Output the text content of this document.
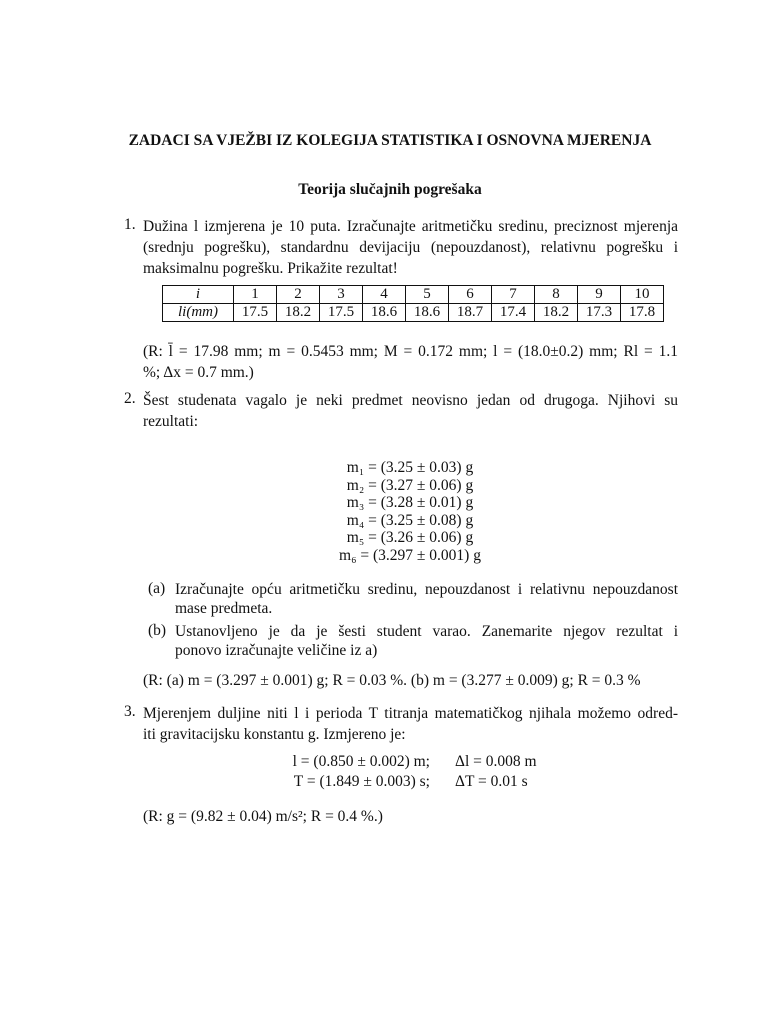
ZADACI SA VJEŽBI IZ KOLEGIJA STATISTIKA I OSNOVNA MJERENJA
Teorija slučajnih pogrešaka
1. Dužina l izmjerena je 10 puta. Izračunajte aritmetičku sredinu, preciznost mjerenja
(srednju pogrešku), standardnu devijaciju (nepouzdanost), relativnu pogrešku i
maksimalnu pogrešku. Prikažite rezultat!
i	1	2	3	4	5	6	7	8	9	10
li(mm)	17.5	18.2	17.5	18.6	18.6	18.7	17.4	18.2	17.3	17.8
(R: l̄ = 17.98 mm; m = 0.5453 mm; M = 0.172 mm; l = (18.0±0.2) mm; Rl = 1.1
%; Δx = 0.7 mm.)
2. Šest studenata vagalo je neki predmet neovisno jedan od drugoga. Njihovi su
rezultati:
m₁ = (3.25 ± 0.03) g
m₂ = (3.27 ± 0.06) g
m₃ = (3.28 ± 0.01) g
m₄ = (3.25 ± 0.08) g
m₅ = (3.26 ± 0.06) g
m₆ = (3.297 ± 0.001) g
(a) Izračunajte opću aritmetičku sredinu, nepouzdanost i relativnu nepouzdanost
mase predmeta.
(b) Ustanovljeno je da je šesti student varao. Zanemarite njegov rezultat i
ponovo izračunajte veličine iz a)
(R: (a) m = (3.297 ± 0.001) g; R = 0.03 %. (b) m = (3.277 ± 0.009) g; R = 0.3 %
3. Mjerenjem duljine niti l i perioda T titranja matematičkog njihala možemo odred-
iti gravitacijsku konstantu g. Izmjereno je:
l = (0.850 ± 0.002) m; Δl = 0.008 m
T = (1.849 ± 0.003) s; ΔT = 0.01 s
(R: g = (9.82 ± 0.04) m/s²; R = 0.4 %.)
